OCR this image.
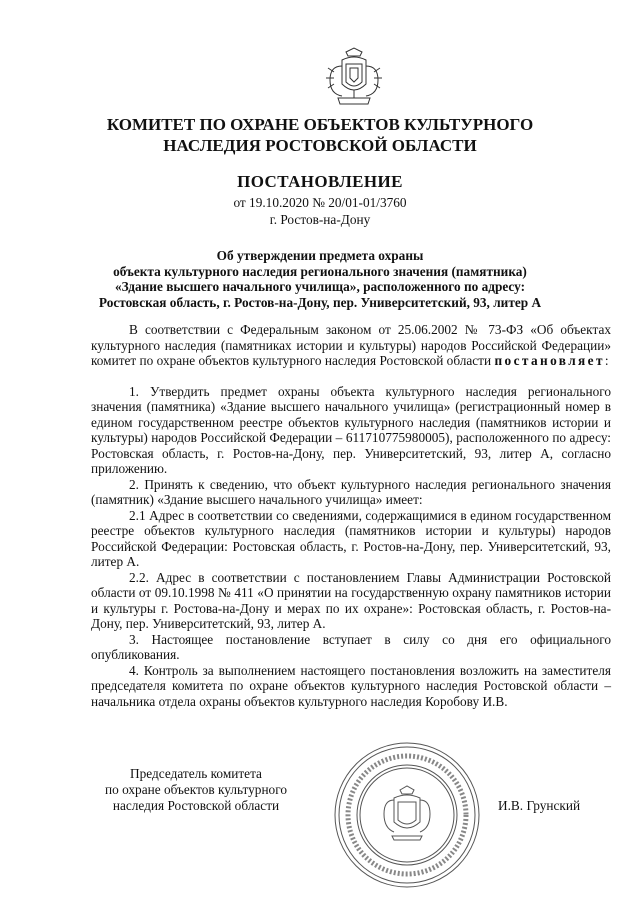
КОМИТЕТ ПО ОХРАНЕ ОБЪЕКТОВ КУЛЬТУРНОГО
НАСЛЕДИЯ РОСТОВСКОЙ ОБЛАСТИ
ПОСТАНОВЛЕНИЕ
от 19.10.2020 № 20/01-01/3760
г. Ростов-на-Дону
Об утверждении предмета охраны
объекта культурного наследия регионального значения (памятника)
«Здание высшего начального училища», расположенного по адресу:
Ростовская область, г. Ростов-на-Дону, пер. Университетский, 93, литер А

В соответствии с Федеральным законом от 25.06.2002 № 73-ФЗ «Об объектах культурного наследия (памятниках истории и культуры) народов Российской Федерации» комитет по охране объектов культурного наследия Ростовской области постановляет:

1. Утвердить предмет охраны объекта культурного наследия регионального значения (памятника) «Здание высшего начального училища» (регистрационный номер в едином государственном реестре объектов культурного наследия (памятников истории и культуры) народов Российской Федерации – 611710775980005), расположенного по адресу: Ростовская область, г. Ростов-на-Дону, пер. Университетский, 93, литер А, согласно приложению.

2. Принять к сведению, что объект культурного наследия регионального значения (памятник) «Здание высшего начального училища» имеет:

2.1 Адрес в соответствии со сведениями, содержащимися в едином государственном реестре объектов культурного наследия (памятников истории и культуры) народов Российской Федерации: Ростовская область, г. Ростов-на-Дону, пер. Университетский, 93, литер А.

2.2. Адрес в соответствии с постановлением Главы Администрации Ростовской области от 09.10.1998 № 411 «О принятии на государственную охрану памятников истории и культуры г. Ростова-на-Дону и мерах по их охране»: Ростовская область, г. Ростов-на-Дону, пер. Университетский, 93, литер А.

3. Настоящее постановление вступает в силу со дня его официального опубликования.

4. Контроль за выполнением настоящего постановления возложить на заместителя председателя комитета по охране объектов культурного наследия Ростовской области – начальника отдела охраны объектов культурного наследия Коробову И.В.

Председатель комитета
по охране объектов культурного
наследия Ростовской области	И.В. Грунский
